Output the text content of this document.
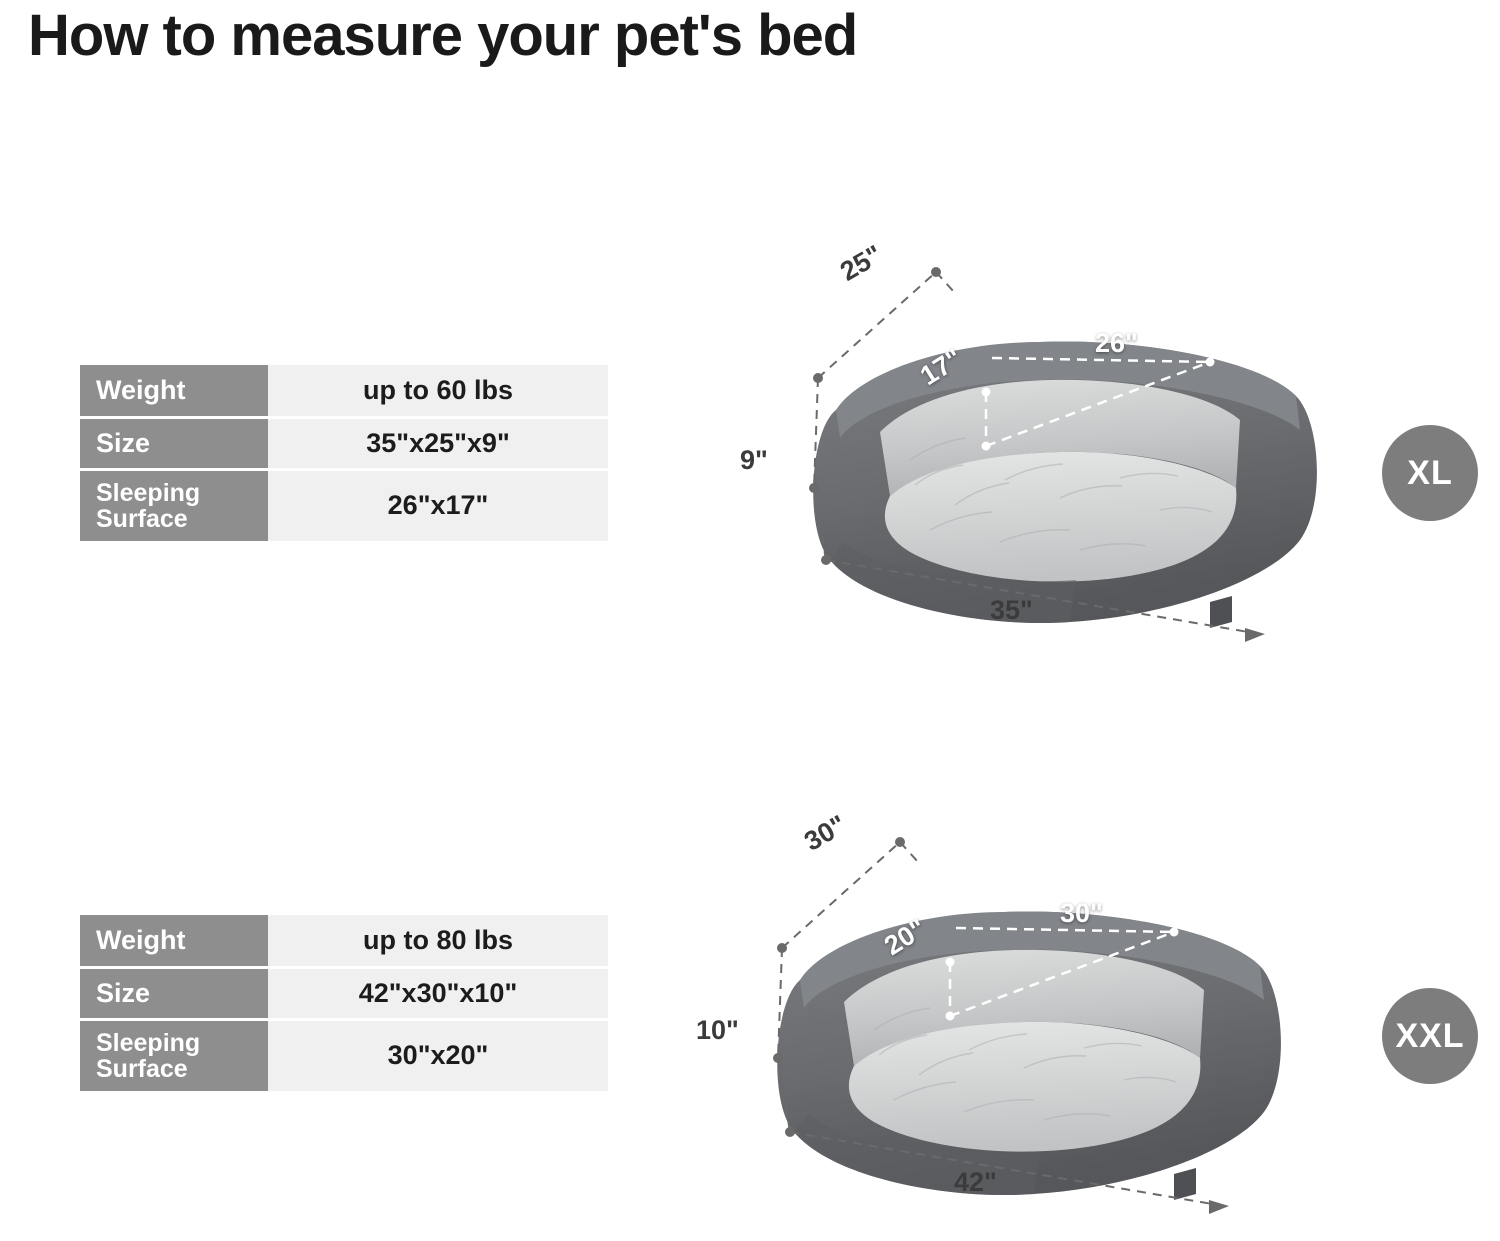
How to measure your pet's bed
Weight	up to 60 lbs
Size	35"x25"x9"

Sleeping
Surface	26"x17"
Weight	up to 80 lbs
Size	42"x30"x10"

Sleeping
Surface	30"x20"
XL
XXL
25"
9"
35"
26"
17"
30"
10"
42"
30"
20"
